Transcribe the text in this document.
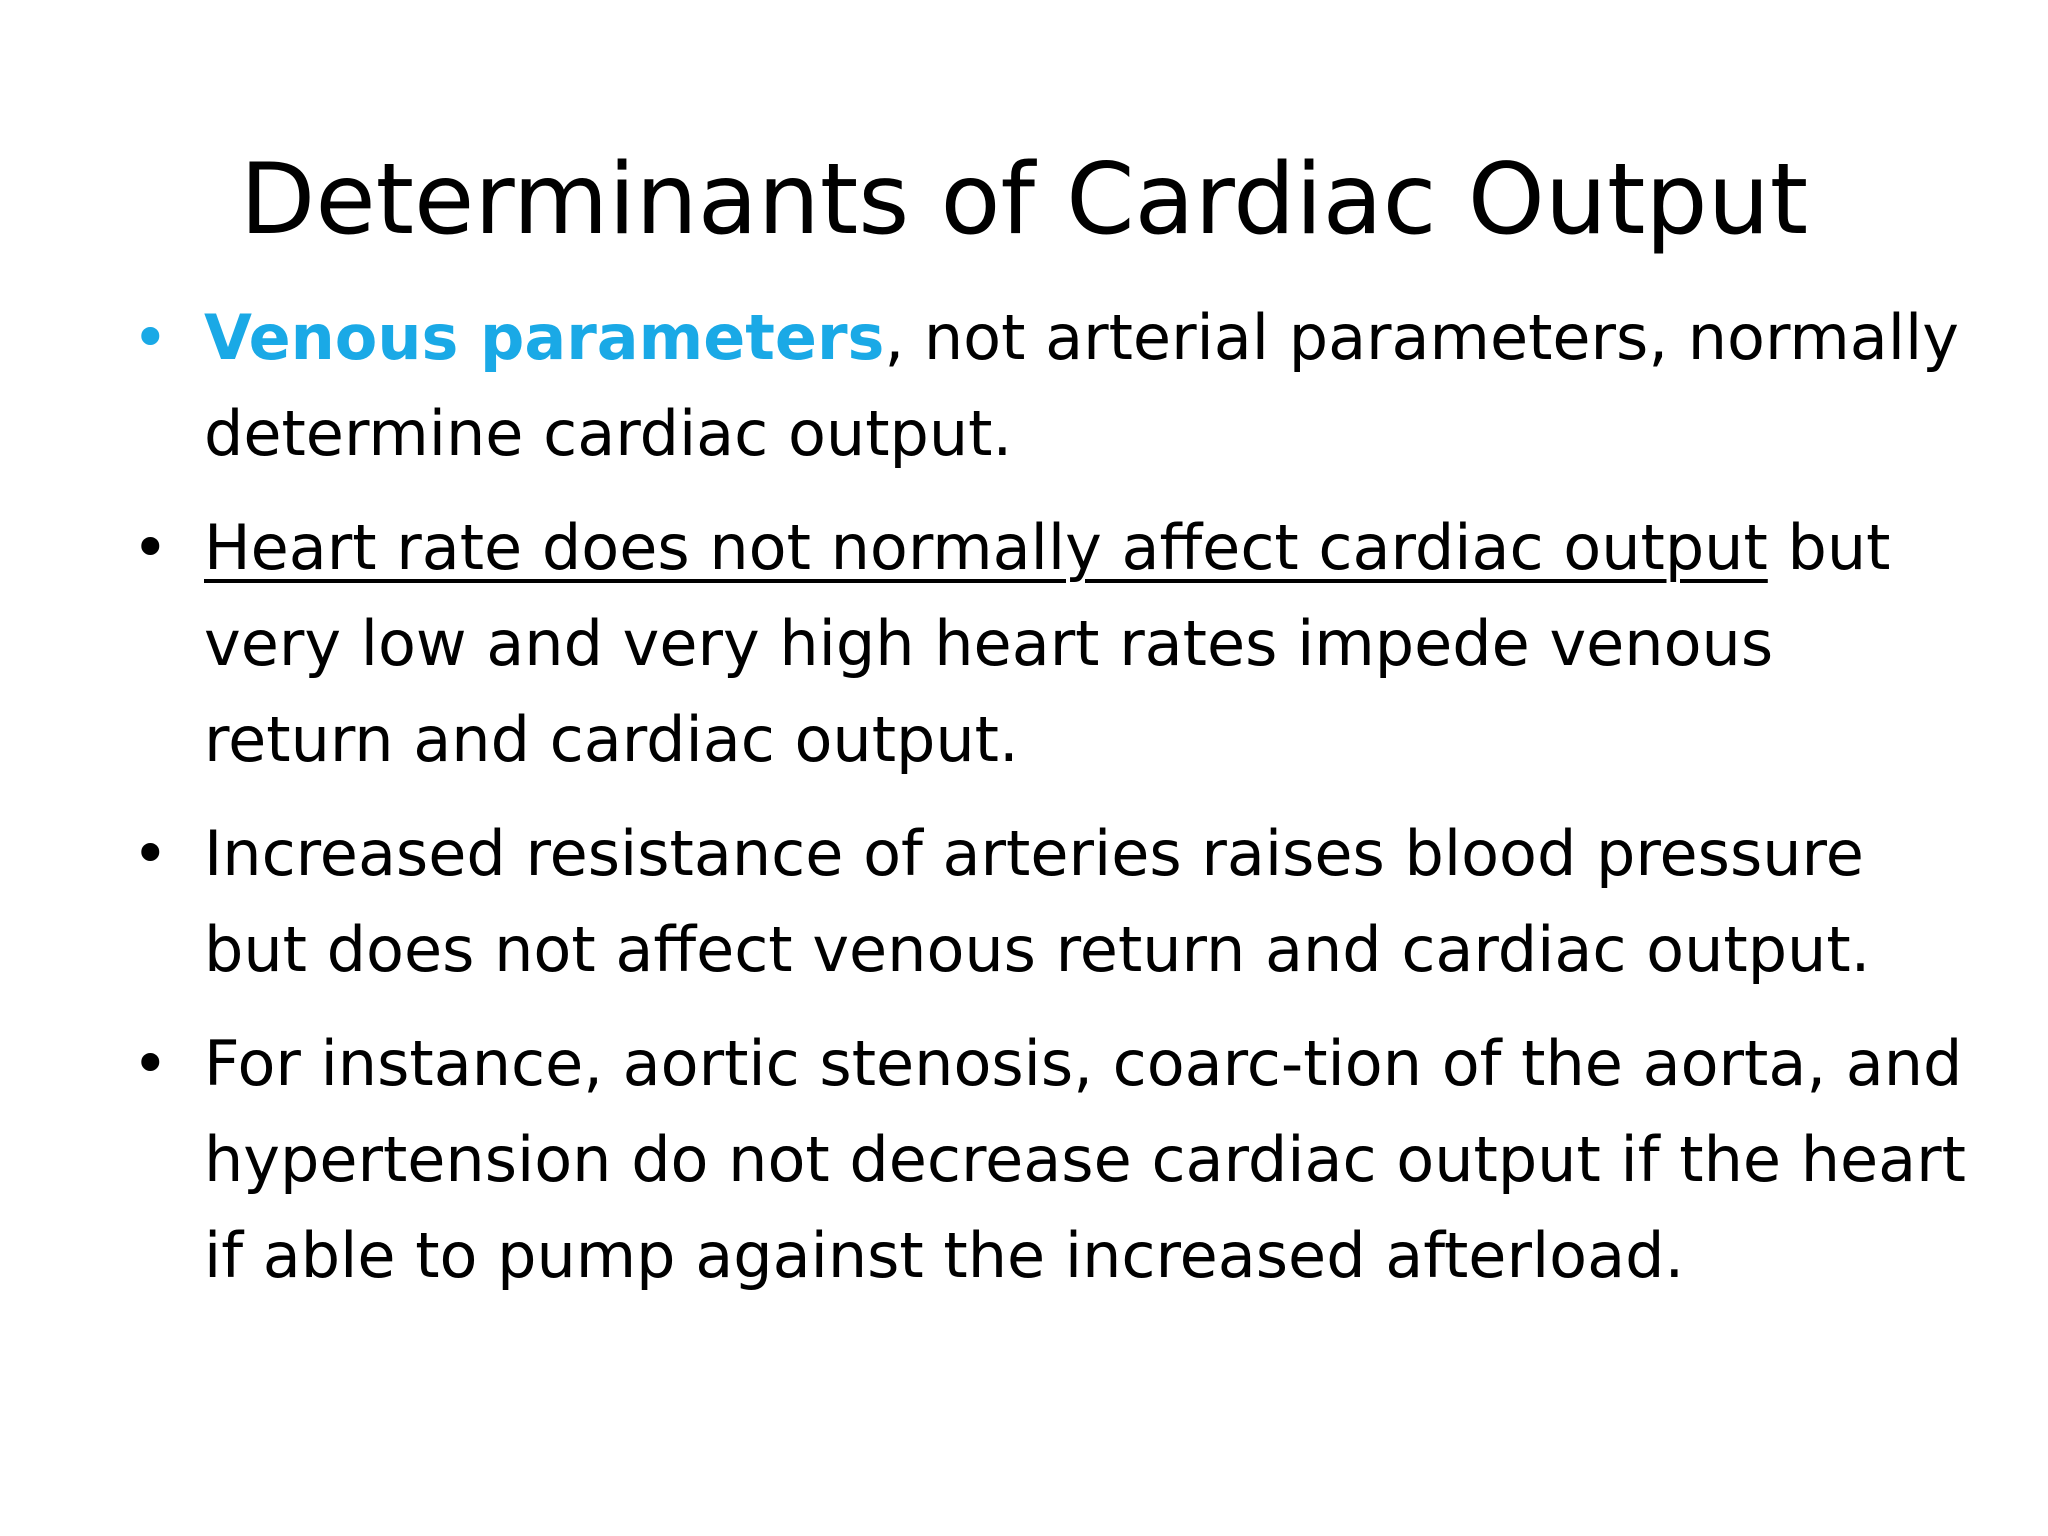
Determinants of Cardiac Output
• Venous parameters, not arterial parameters, normally determine cardiac output.
• Heart rate does not normally affect cardiac output but very low and very high heart rates impede venous return and cardiac output.
• Increased resistance of arteries raises blood pressure but does not affect venous return and cardiac output.
• For instance, aortic stenosis, coarc-tion of the aorta, and hypertension do not decrease cardiac output if the heart if able to pump against the increased afterload.
